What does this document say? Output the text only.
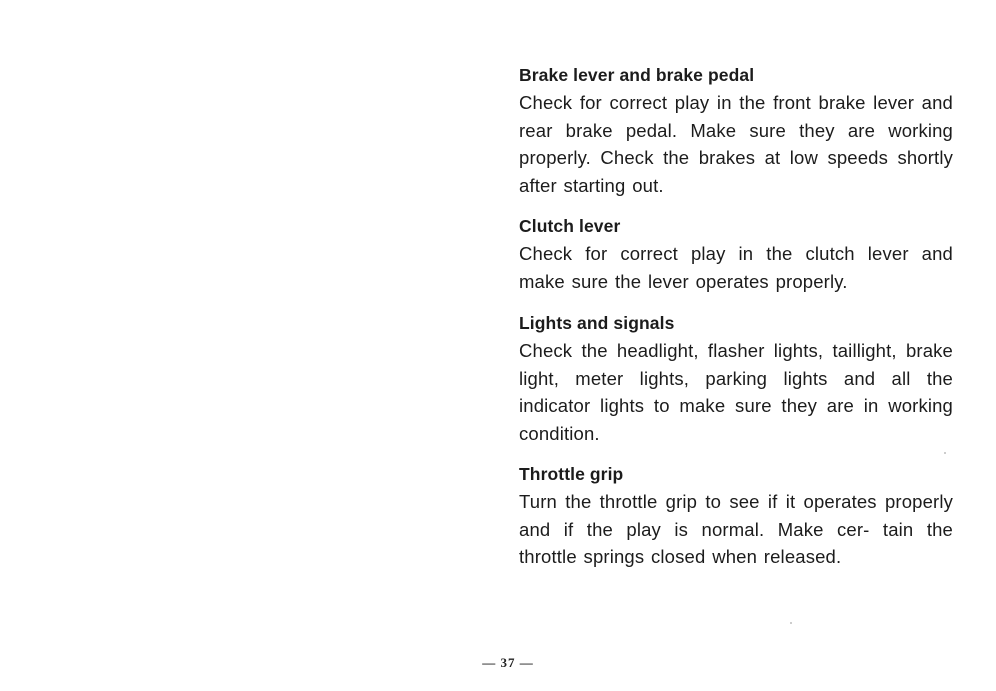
Brake lever and brake pedal

Check for correct play in the front brake lever and rear brake pedal. Make sure they are working properly. Check the brakes at low speeds shortly after starting out.

Clutch lever

Check for correct play in the clutch lever and make sure the lever operates properly.

Lights and signals

Check the headlight, flasher lights, taillight, brake light, meter lights, parking lights and all the indicator lights to make sure they are in working condition.

Throttle grip

Turn the throttle grip to see if it operates properly and if the play is normal. Make cer- tain the throttle springs closed when released.

— 37 —
